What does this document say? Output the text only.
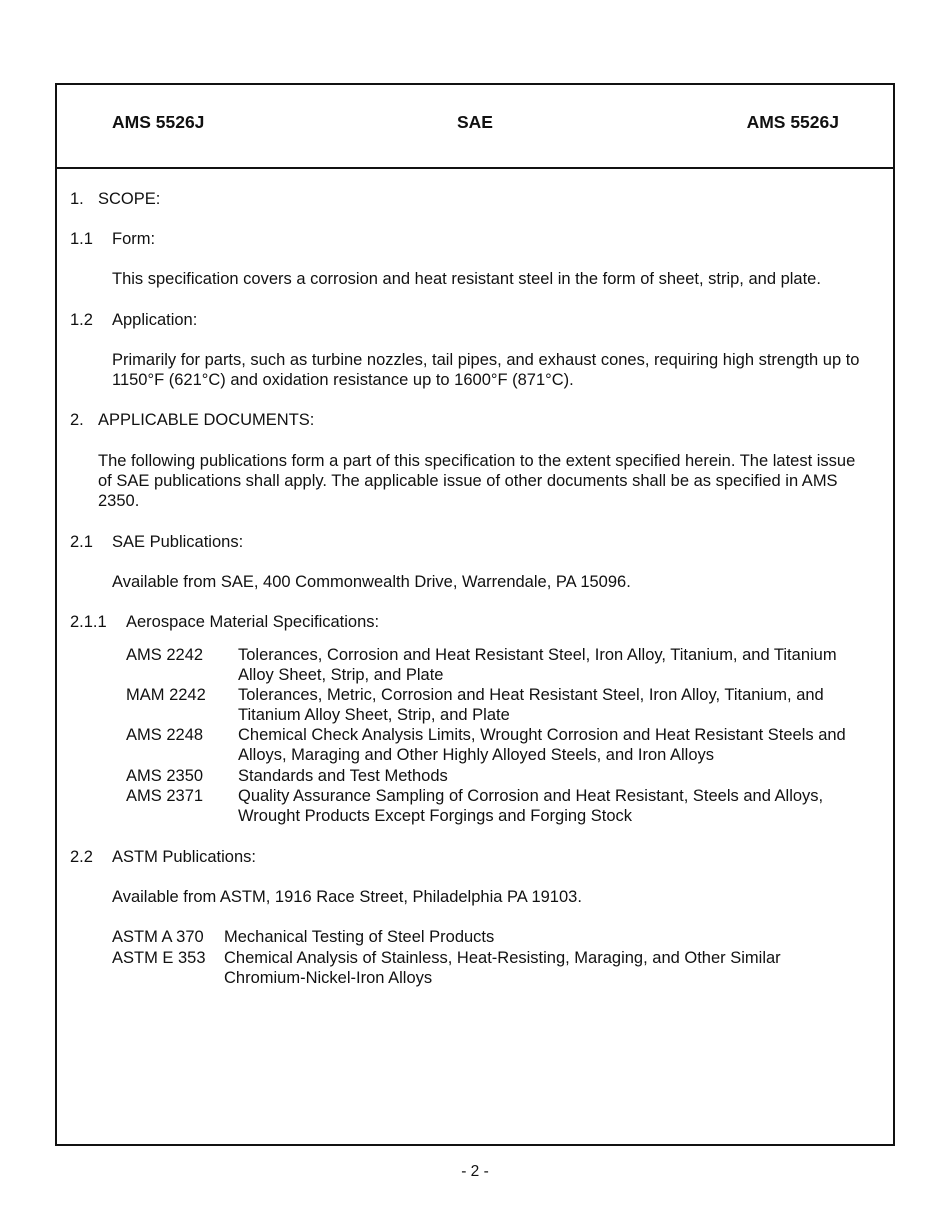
AMS 5526J	SAE	AMS 5526J
1. SCOPE:
1.1 Form:

This specification covers a corrosion and heat resistant steel in the form of sheet, strip, and plate.

1.2 Application:

Primarily for parts, such as turbine nozzles, tail pipes, and exhaust cones, requiring high strength up to 1150°F (621°C) and oxidation resistance up to 1600°F (871°C).

2. APPLICABLE DOCUMENTS:

The following publications form a part of this specification to the extent specified herein. The latest issue of SAE publications shall apply. The applicable issue of other documents shall be as specified in AMS 2350.

2.1 SAE Publications:

Available from SAE, 400 Commonwealth Drive, Warrendale, PA 15096.

2.1.1 Aerospace Material Specifications:
AMS 2242 Tolerances, Corrosion and Heat Resistant Steel, Iron Alloy, Titanium, and Titanium Alloy Sheet, Strip, and Plate
MAM 2242 Tolerances, Metric, Corrosion and Heat Resistant Steel, Iron Alloy, Titanium, and Titanium Alloy Sheet, Strip, and Plate
AMS 2248 Chemical Check Analysis Limits, Wrought Corrosion and Heat Resistant Steels and Alloys, Maraging and Other Highly Alloyed Steels, and Iron Alloys
AMS 2350 Standards and Test Methods
AMS 2371 Quality Assurance Sampling of Corrosion and Heat Resistant, Steels and Alloys, Wrought Products Except Forgings and Forging Stock
2.2 ASTM Publications:

Available from ASTM, 1916 Race Street, Philadelphia PA 19103.

ASTM A 370 Mechanical Testing of Steel Products
ASTM E 353 Chemical Analysis of Stainless, Heat-Resisting, Maraging, and Other Similar Chromium-Nickel-Iron Alloys
- 2 -
